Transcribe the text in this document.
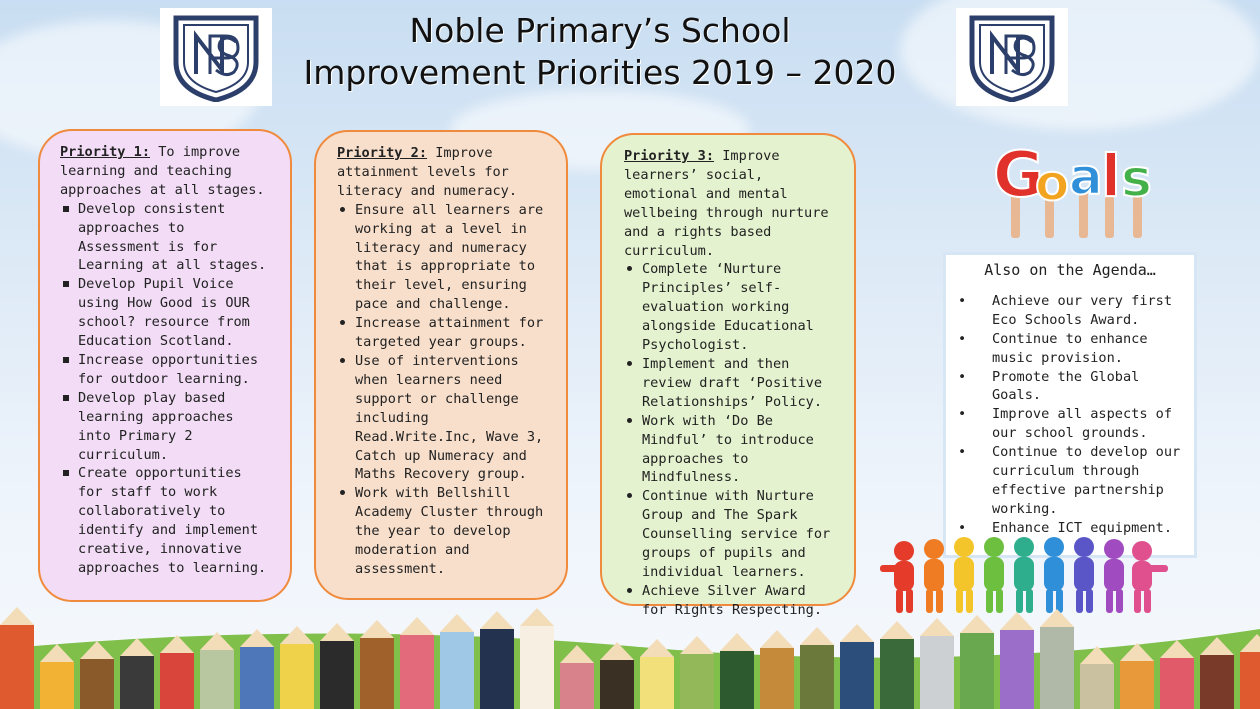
Noble Primary’s School
Improvement Priorities 2019 – 2020
Priority 1: To improve learning and teaching approaches at all stages.
Develop consistent approaches to Assessment is for Learning at all stages.
Develop Pupil Voice using How Good is OUR school? resource from Education Scotland.
Increase opportunities for outdoor learning.
Develop play based learning approaches into Primary 2 curriculum.
Create opportunities for staff to work collaboratively to identify and implement creative, innovative approaches to learning.
Priority 2: Improve attainment levels for literacy and numeracy.
Ensure all learners are working at a level in literacy and numeracy that is appropriate to their level, ensuring pace and challenge.
Increase attainment for targeted year groups.
Use of interventions when learners need support or challenge including Read.Write.Inc, Wave 3, Catch up Numeracy and Maths Recovery group.
Work with Bellshill Academy Cluster through the year to develop moderation and assessment.
Priority 3: Improve learners’ social, emotional and mental wellbeing through nurture and a rights based curriculum.
Complete ‘Nurture Principles’ self-evaluation working alongside Educational Psychologist.
Implement and then review draft ‘Positive Relationships’ Policy.
Work with ‘Do Be Mindful’ to introduce approaches to Mindfulness.
Continue with Nurture Group and The Spark Counselling service for groups of pupils and individual learners.
Achieve Silver Award for Rights Respecting.
G
o a
l s
Also on the Agenda…
• Achieve our very first Eco Schools Award.
• Continue to enhance music provision.
• Promote the Global Goals.
• Improve all aspects of our school grounds.
• Continue to develop our curriculum through effective partnership working.
• Enhance ICT equipment.
